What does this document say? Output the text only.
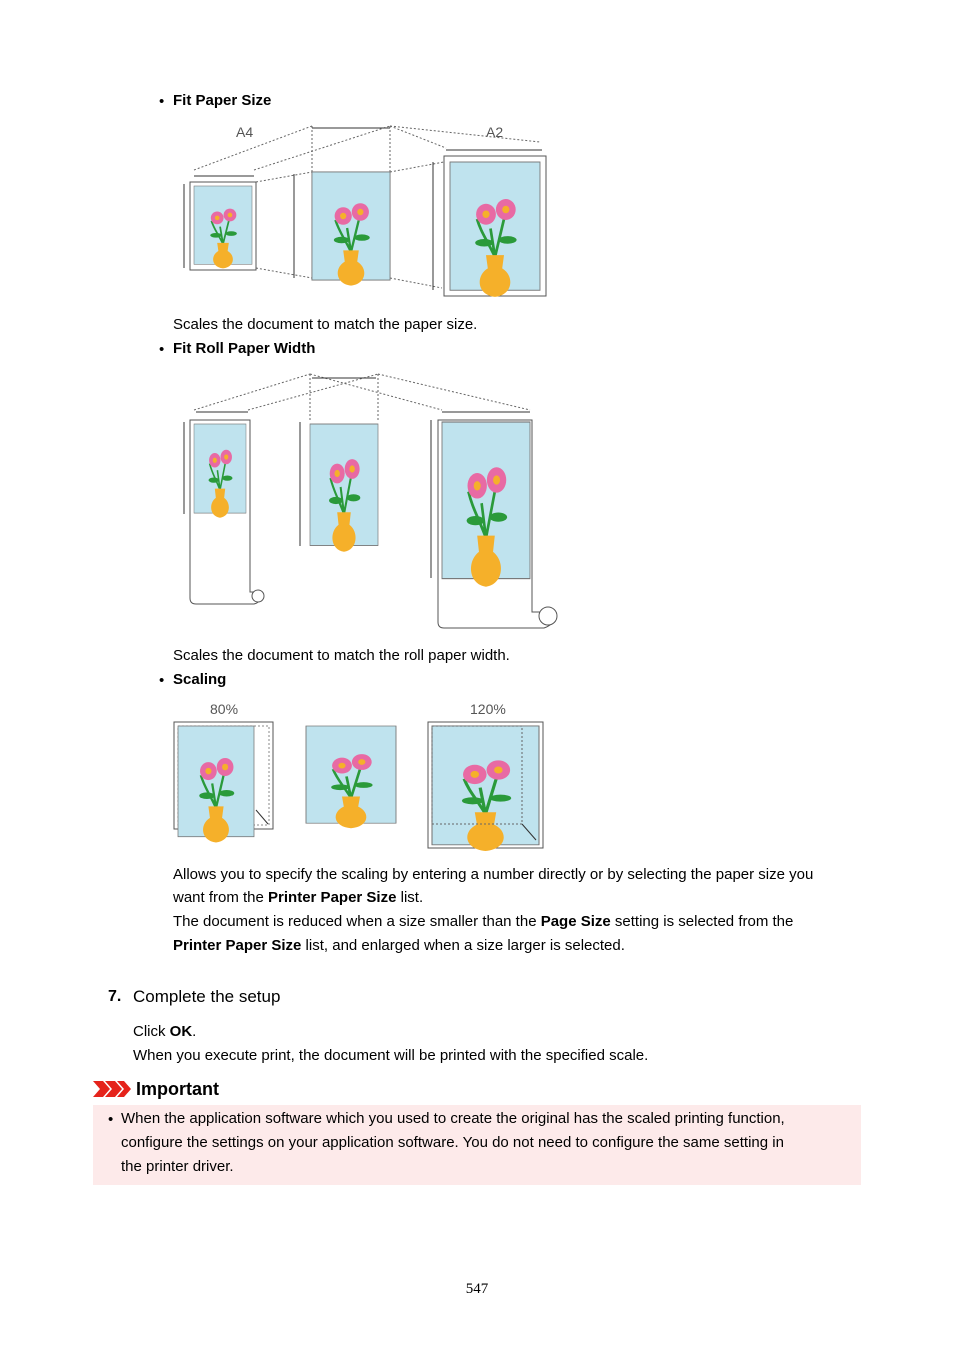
• Fit Paper Size
A4	A2
Scales the document to match the paper size.
• Fit Roll Paper Width
Scales the document to match the roll paper width.
• Scaling
80%	120%
Allows you to specify the scaling by entering a number directly or by selecting the paper size you
want from the Printer Paper Size list.
The document is reduced when a size smaller than the Page Size setting is selected from the
Printer Paper Size list, and enlarged when a size larger is selected.
7. Complete the setup
Click OK.
When you execute print, the document will be printed with the specified scale.
Important
• When the application software which you used to create the original has the scaled printing function,
configure the settings on your application software. You do not need to configure the same setting in
the printer driver.
547
